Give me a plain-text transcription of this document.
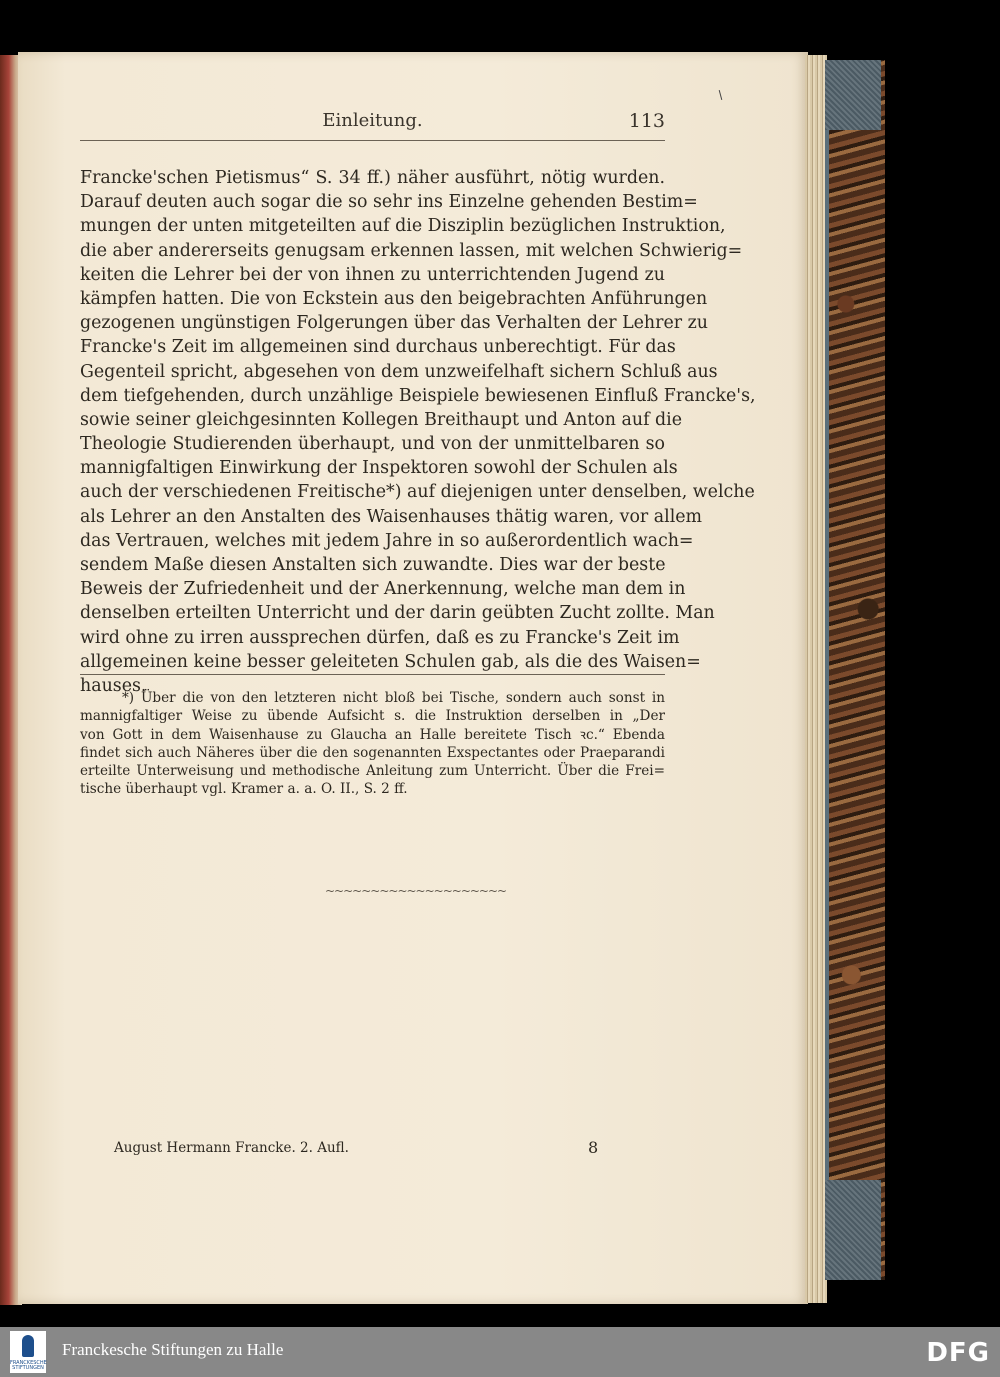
Einleitung.	113
Francke'schen Pietismus“ S. 34 ff.) näher ausführt, nötig wurden.
Darauf deuten auch sogar die so sehr ins Einzelne gehenden Bestim=
mungen der unten mitgeteilten auf die Disziplin bezüglichen Instruktion,
die aber andererseits genugsam erkennen lassen, mit welchen Schwierig=
keiten die Lehrer bei der von ihnen zu unterrichtenden Jugend zu
kämpfen hatten. Die von Eckstein aus den beigebrachten Anführungen
gezogenen ungünstigen Folgerungen über das Verhalten der Lehrer zu
Francke's Zeit im allgemeinen sind durchaus unberechtigt. Für das
Gegenteil spricht, abgesehen von dem unzweifelhaft sichern Schluß aus
dem tiefgehenden, durch unzählige Beispiele bewiesenen Einfluß Francke's,
sowie seiner gleichgesinnten Kollegen Breithaupt und Anton auf die
Theologie Studierenden überhaupt, und von der unmittelbaren so
mannigfaltigen Einwirkung der Inspektoren sowohl der Schulen als
auch der verschiedenen Freitische*) auf diejenigen unter denselben, welche
als Lehrer an den Anstalten des Waisenhauses thätig waren, vor allem
das Vertrauen, welches mit jedem Jahre in so außerordentlich wach=
sendem Maße diesen Anstalten sich zuwandte. Dies war der beste
Beweis der Zufriedenheit und der Anerkennung, welche man dem in
denselben erteilten Unterricht und der darin geübten Zucht zollte. Man
wird ohne zu irren aussprechen dürfen, daß es zu Francke's Zeit im
allgemeinen keine besser geleiteten Schulen gab, als die des Waisen=
hauses.
*) Über die von den letzteren nicht bloß bei Tische, sondern auch sonst in
mannigfaltiger Weise zu übende Aufsicht s. die Instruktion derselben in „Der
von Gott in dem Waisenhause zu Glaucha an Halle bereitete Tisch ꝛc.“ Ebenda
findet sich auch Näheres über die den sogenannten Exspectantes oder Praeparandi
erteilte Unterweisung und methodische Anleitung zum Unterricht. Über die Frei=
tische überhaupt vgl. Kramer a. a. O. II., S. 2 ff.
~~~~~~~~~~~~~~~~~~~~
August Hermann Francke. 2. Aufl.	8
FRANCKESCHE STIFTUNGEN
Franckesche Stiftungen zu Halle	DFG
